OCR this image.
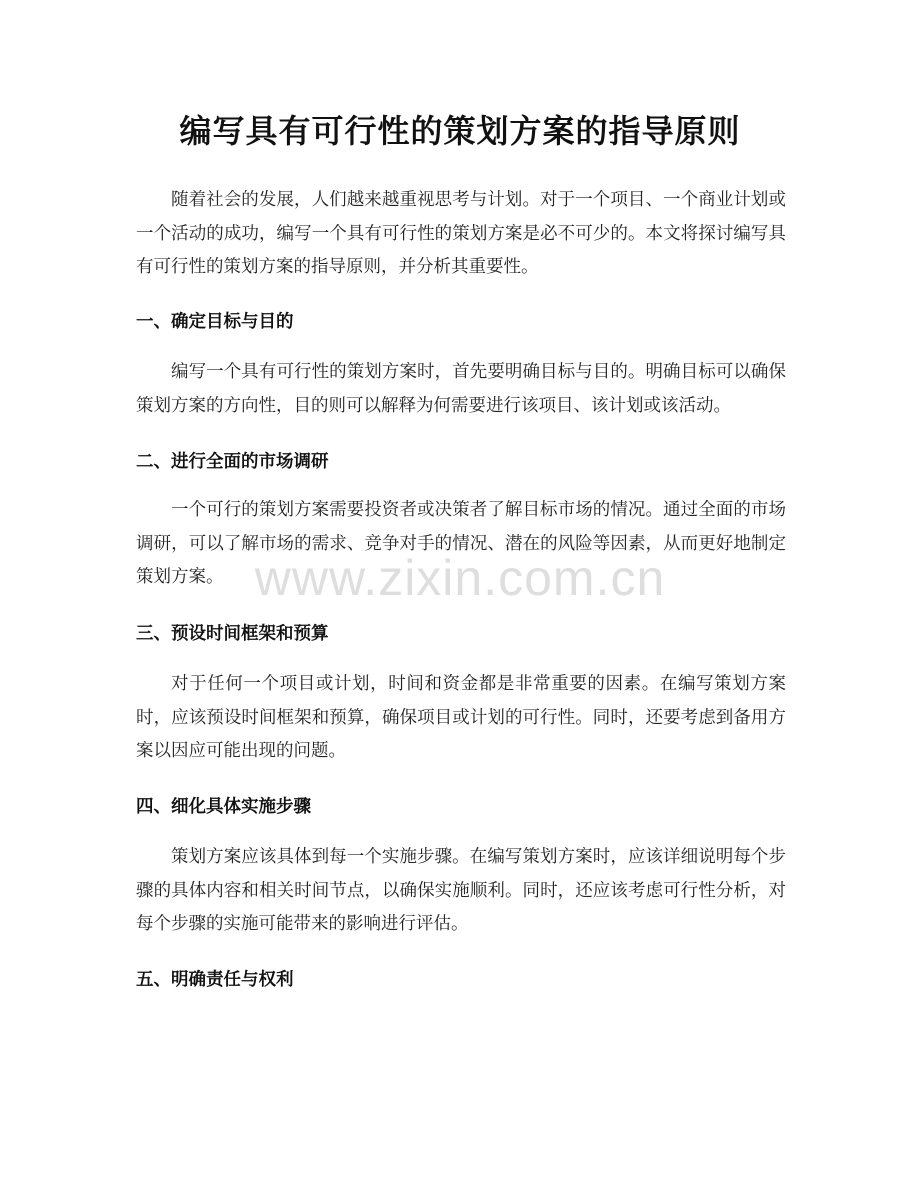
编写具有可行性的策划方案的指导原则

随着社会的发展，人们越来越重视思考与计划。对于一个项目、一个商业计划或一个活动的成功，编写一个具有可行性的策划方案是必不可少的。本文将探讨编写具有可行性的策划方案的指导原则，并分析其重要性。

一、确定目标与目的

编写一个具有可行性的策划方案时，首先要明确目标与目的。明确目标可以确保策划方案的方向性，目的则可以解释为何需要进行该项目、该计划或该活动。

二、进行全面的市场调研

一个可行的策划方案需要投资者或决策者了解目标市场的情况。通过全面的市场调研，可以了解市场的需求、竞争对手的情况、潜在的风险等因素，从而更好地制定策划方案。

三、预设时间框架和预算

对于任何一个项目或计划，时间和资金都是非常重要的因素。在编写策划方案时，应该预设时间框架和预算，确保项目或计划的可行性。同时，还要考虑到备用方案以因应可能出现的问题。

四、细化具体实施步骤

策划方案应该具体到每一个实施步骤。在编写策划方案时，应该详细说明每个步骤的具体内容和相关时间节点，以确保实施顺利。同时，还应该考虑可行性分析，对每个步骤的实施可能带来的影响进行评估。

五、明确责任与权利
www.zixin.com.cn
